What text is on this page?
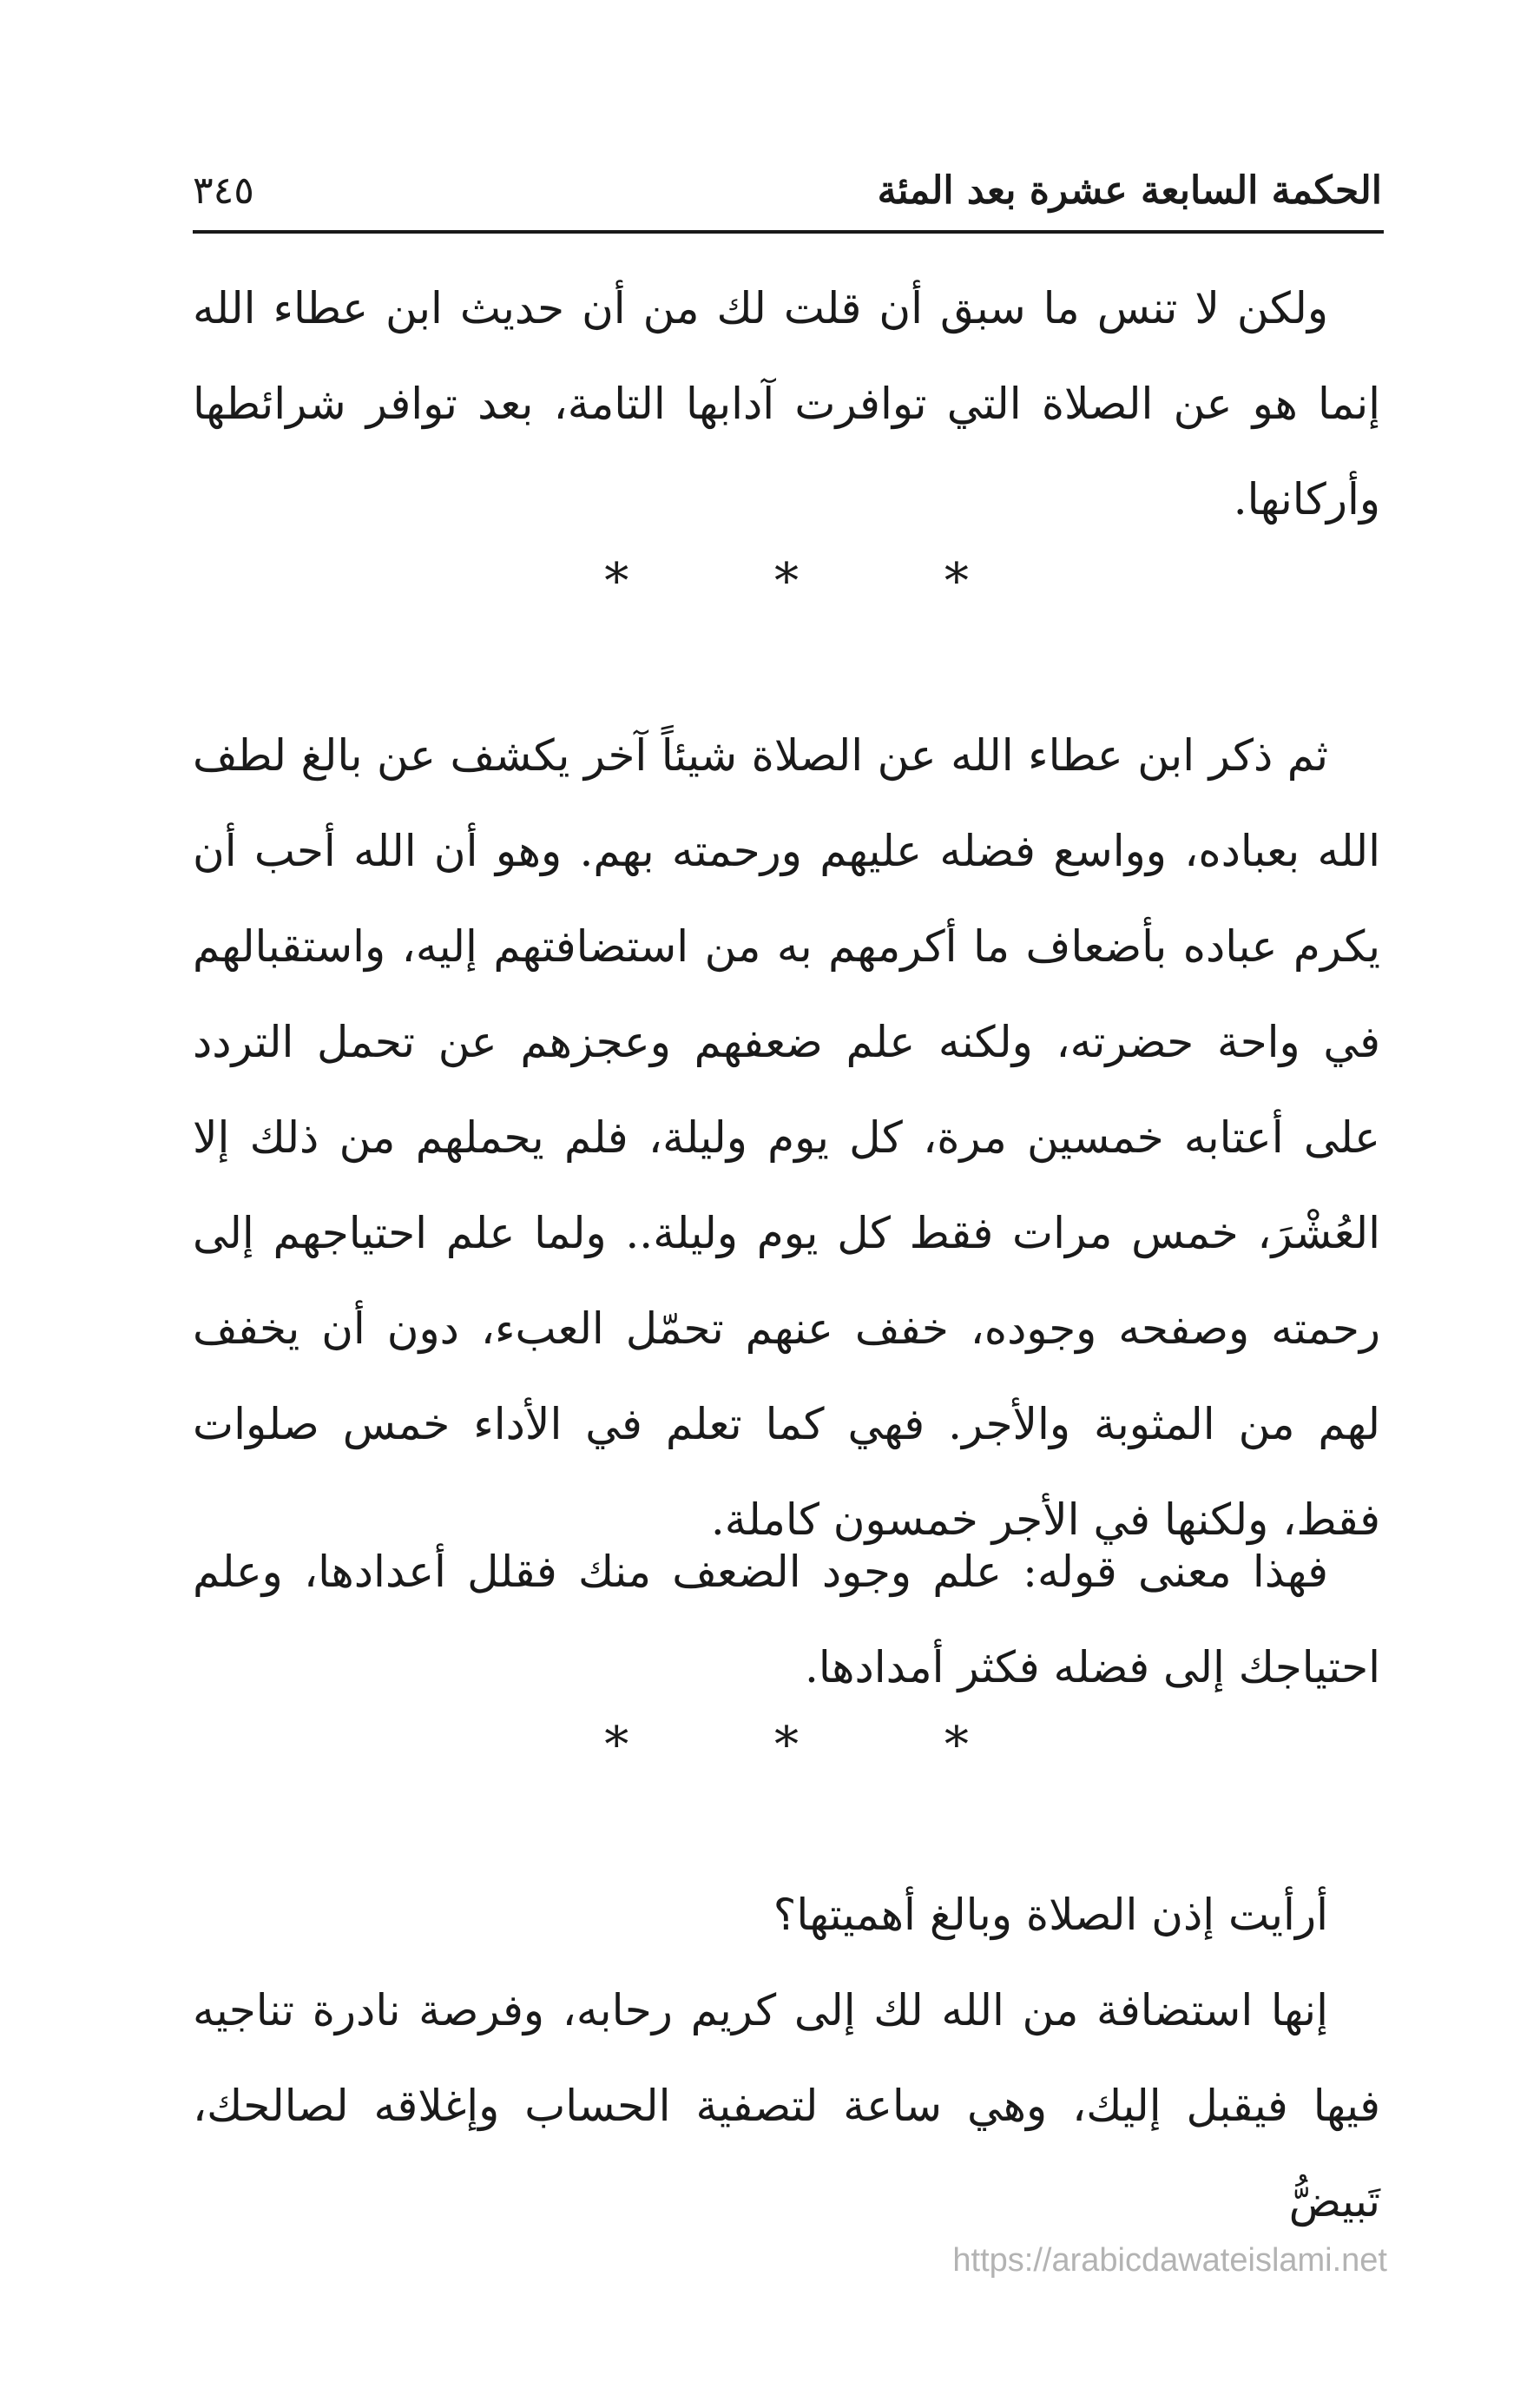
الحكمة السابعة عشرة بعد المئة
٣٤٥

ولكن لا تنس ما سبق أن قلت لك من أن حديث ابن عطاء الله إنما هو عن الصلاة التي توافرت آدابها التامة، بعد توافر شرائطها وأركانها.

*	*	*

ثم ذكر ابن عطاء الله عن الصلاة شيئاً آخر يكشف عن بالغ لطف الله بعباده، وواسع فضله عليهم ورحمته بهم. وهو أن الله أحب أن يكرم عباده بأضعاف ما أكرمهم به من استضافتهم إليه، واستقبالهم في واحة حضرته، ولكنه علم ضعفهم وعجزهم عن تحمل التردد على أعتابه خمسين مرة، كل يوم وليلة، فلم يحملهم من ذلك إلا العُشْرَ، خمس مرات فقط كل يوم وليلة.. ولما علم احتياجهم إلى رحمته وصفحه وجوده، خفف عنهم تحمّل العبء، دون أن يخفف لهم من المثوبة والأجر. فهي كما تعلم في الأداء خمس صلوات فقط، ولكنها في الأجر خمسون كاملة.

فهذا معنى قوله: علم وجود الضعف منك فقلل أعدادها، وعلم احتياجك إلى فضله فكثر أمدادها.

*	*	*

أرأيت إذن الصلاة وبالغ أهميتها؟

إنها استضافة من الله لك إلى كريم رحابه، وفرصة نادرة تناجيه فيها فيقبل إليك، وهي ساعة لتصفية الحساب وإغلاقه لصالحك، تَبيضُّ

https://arabicdawateislami.net
